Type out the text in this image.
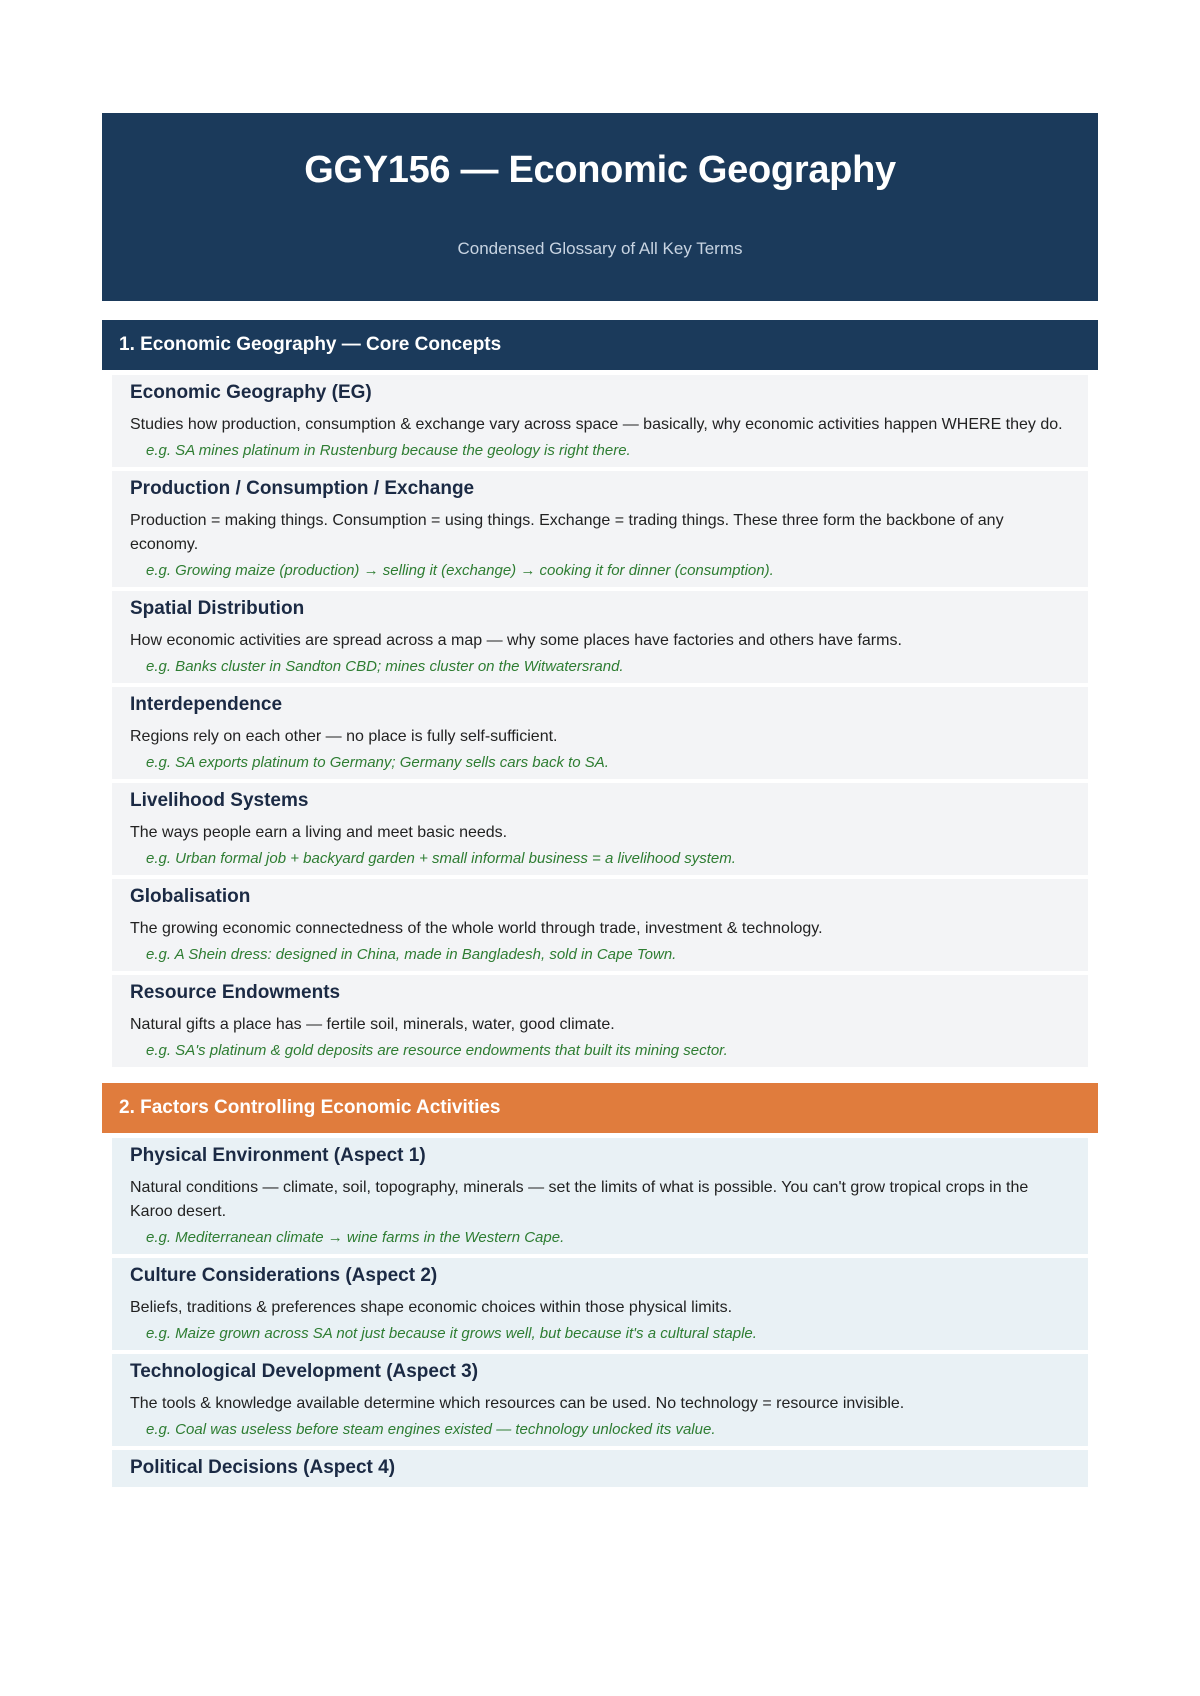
GGY156 — Economic Geography
Condensed Glossary of All Key Terms
1. Economic Geography — Core Concepts
Economic Geography (EG)

Studies how production, consumption & exchange vary across space — basically, why economic activities happen WHERE they do.

e.g. SA mines platinum in Rustenburg because the geology is right there.

Production / Consumption / Exchange

Production = making things. Consumption = using things. Exchange = trading things. These three form the backbone of any economy.

e.g. Growing maize (production) → selling it (exchange) → cooking it for dinner (consumption).

Spatial Distribution

How economic activities are spread across a map — why some places have factories and others have farms.

e.g. Banks cluster in Sandton CBD; mines cluster on the Witwatersrand.

Interdependence

Regions rely on each other — no place is fully self-sufficient.

e.g. SA exports platinum to Germany; Germany sells cars back to SA.

Livelihood Systems

The ways people earn a living and meet basic needs.

e.g. Urban formal job + backyard garden + small informal business = a livelihood system.

Globalisation

The growing economic connectedness of the whole world through trade, investment & technology.

e.g. A Shein dress: designed in China, made in Bangladesh, sold in Cape Town.

Resource Endowments

Natural gifts a place has — fertile soil, minerals, water, good climate.

e.g. SA's platinum & gold deposits are resource endowments that built its mining sector.

2. Factors Controlling Economic Activities
Physical Environment (Aspect 1)

Natural conditions — climate, soil, topography, minerals — set the limits of what is possible. You can't grow tropical crops in the Karoo desert.

e.g. Mediterranean climate → wine farms in the Western Cape.

Culture Considerations (Aspect 2)

Beliefs, traditions & preferences shape economic choices within those physical limits.

e.g. Maize grown across SA not just because it grows well, but because it's a cultural staple.

Technological Development (Aspect 3)

The tools & knowledge available determine which resources can be used. No technology = resource invisible.

e.g. Coal was useless before steam engines existed — technology unlocked its value.

Political Decisions (Aspect 4)
